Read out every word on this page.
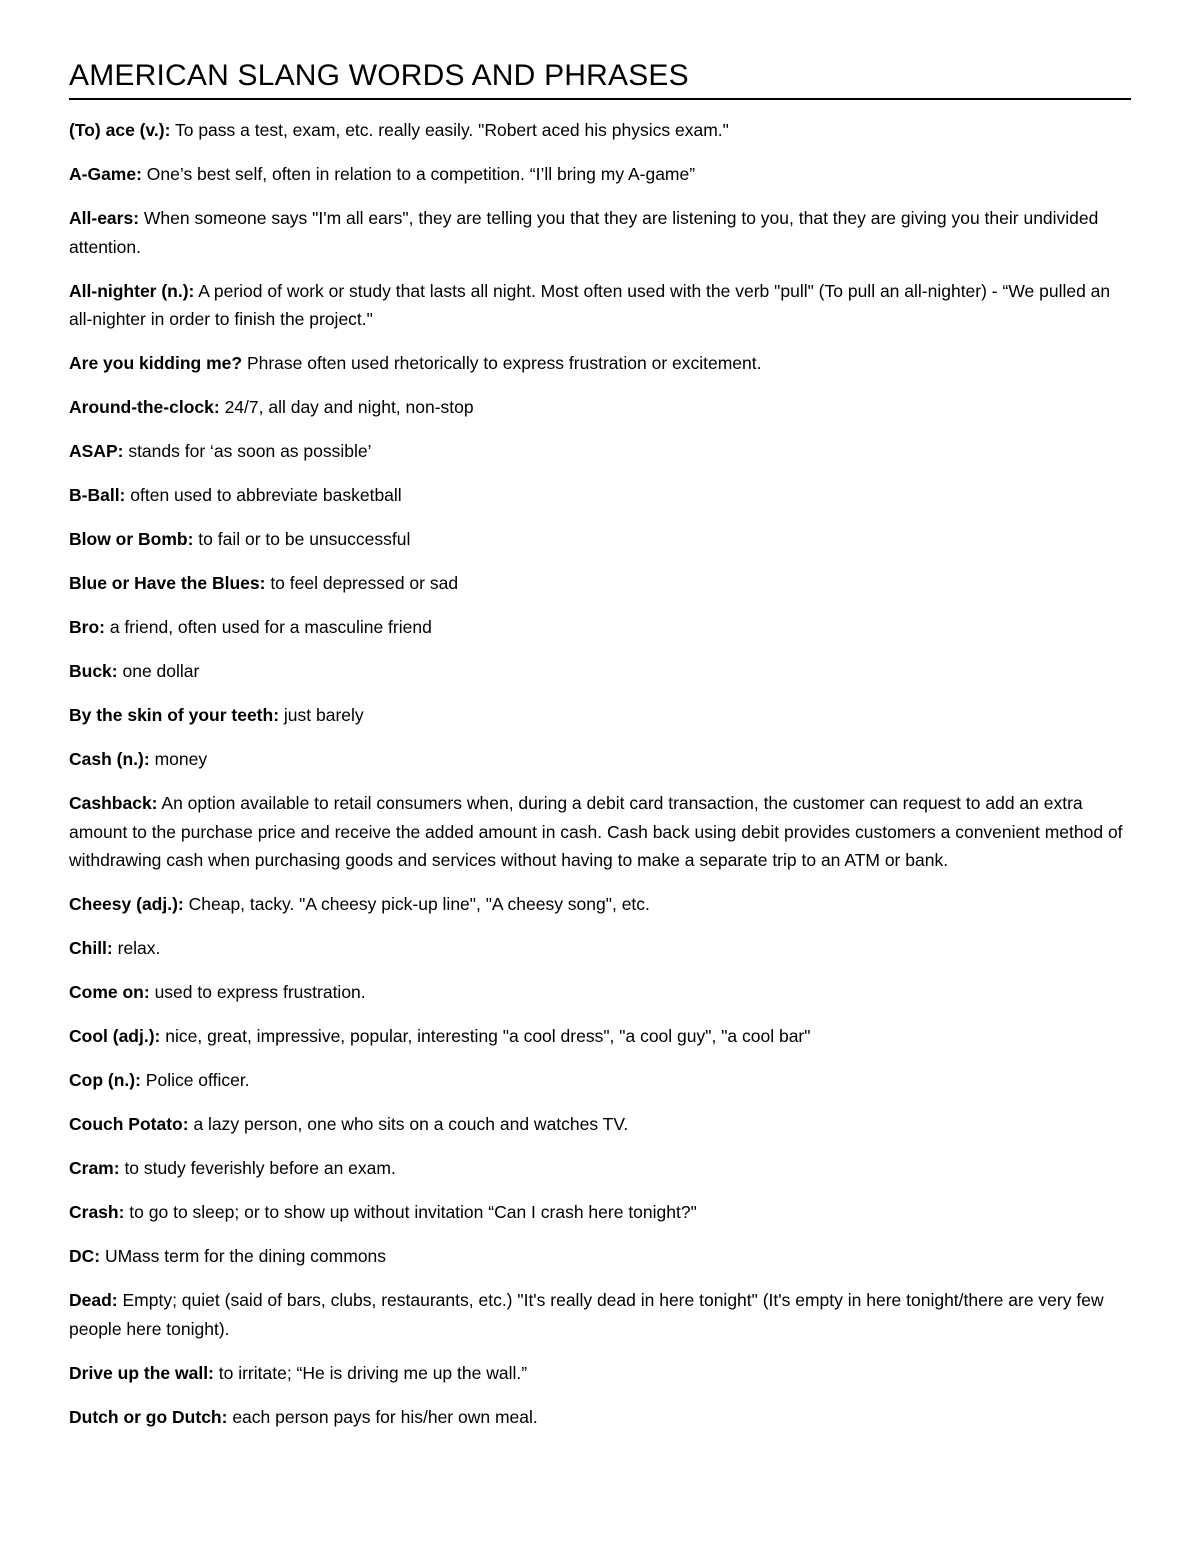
AMERICAN SLANG WORDS AND PHRASES

(To) ace (v.): To pass a test, exam, etc. really easily. "Robert aced his physics exam."

A-Game: One’s best self, often in relation to a competition. “I’ll bring my A-game”

All-ears: When someone says "I'm all ears", they are telling you that they are listening to you, that they are giving you their undivided attention.

All-nighter (n.): A period of work or study that lasts all night. Most often used with the verb "pull" (To pull an all-nighter) - “We pulled an all-nighter in order to finish the project."

Are you kidding me? Phrase often used rhetorically to express frustration or excitement.

Around-the-clock: 24/7, all day and night, non-stop

ASAP: stands for ‘as soon as possible’

B-Ball: often used to abbreviate basketball

Blow or Bomb: to fail or to be unsuccessful

Blue or Have the Blues: to feel depressed or sad

Bro: a friend, often used for a masculine friend

Buck: one dollar

By the skin of your teeth: just barely

Cash (n.): money

Cashback: An option available to retail consumers when, during a debit card transaction, the customer can request to add an extra amount to the purchase price and receive the added amount in cash. Cash back using debit provides customers a convenient method of withdrawing cash when purchasing goods and services without having to make a separate trip to an ATM or bank.

Cheesy (adj.): Cheap, tacky. "A cheesy pick-up line", "A cheesy song", etc.

Chill: relax.

Come on: used to express frustration.

Cool (adj.): nice, great, impressive, popular, interesting "a cool dress", "a cool guy", "a cool bar"

Cop (n.): Police officer.

Couch Potato: a lazy person, one who sits on a couch and watches TV.

Cram: to study feverishly before an exam.

Crash: to go to sleep; or to show up without invitation “Can I crash here tonight?"

DC: UMass term for the dining commons

Dead: Empty; quiet (said of bars, clubs, restaurants, etc.) "It's really dead in here tonight" (It's empty in here tonight/there are very few people here tonight).

Drive up the wall: to irritate; “He is driving me up the wall.”

Dutch or go Dutch: each person pays for his/her own meal.
